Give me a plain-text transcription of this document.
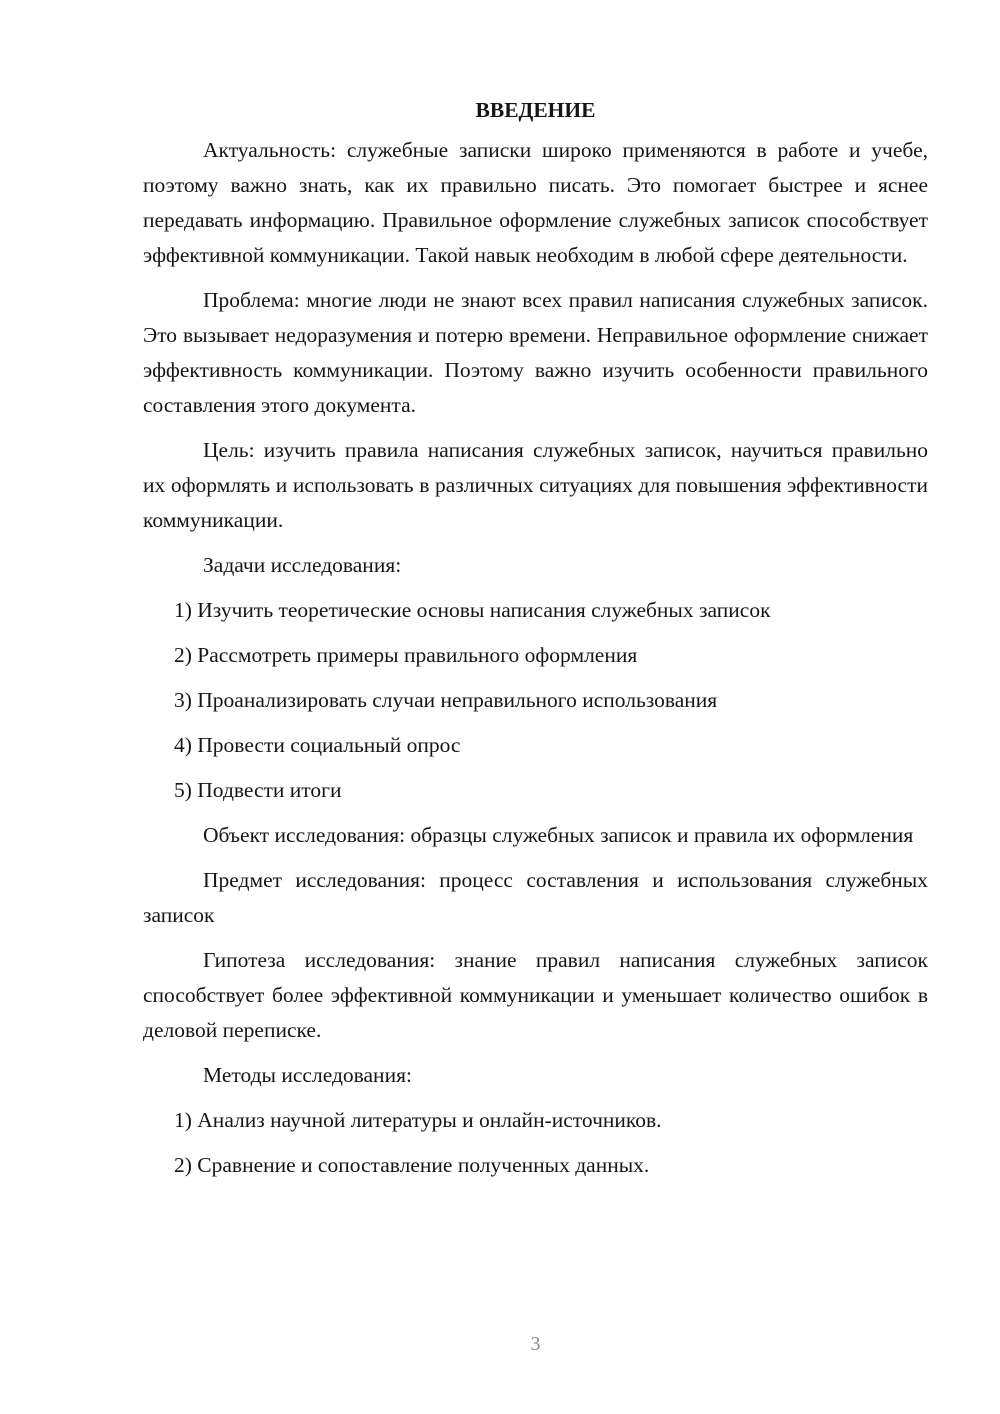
ВВЕДЕНИЕ

Актуальность: служебные записки широко применяются в работе и учебе, поэтому важно знать, как их правильно писать. Это помогает быстрее и яснее передавать информацию. Правильное оформление служебных записок способствует эффективной коммуникации. Такой навык необходим в любой сфере деятельности.

Проблема: многие люди не знают всех правил написания служебных записок. Это вызывает недоразумения и потерю времени. Неправильное оформление снижает эффективность коммуникации. Поэтому важно изучить особенности правильного составления этого документа.

Цель: изучить правила написания служебных записок, научиться правильно их оформлять и использовать в различных ситуациях для повышения эффективности коммуникации.

Задачи исследования:

1) Изучить теоретические основы написания служебных записок

2) Рассмотреть примеры правильного оформления

3) Проанализировать случаи неправильного использования

4) Провести социальный опрос

5) Подвести итоги

Объект исследования: образцы служебных записок и правила их оформления

Предмет исследования: процесс составления и использования служебных записок

Гипотеза исследования: знание правил написания служебных записок способствует более эффективной коммуникации и уменьшает количество ошибок в деловой переписке.

Методы исследования:

1) Анализ научной литературы и онлайн-источников.

2) Сравнение и сопоставление полученных данных.

3
